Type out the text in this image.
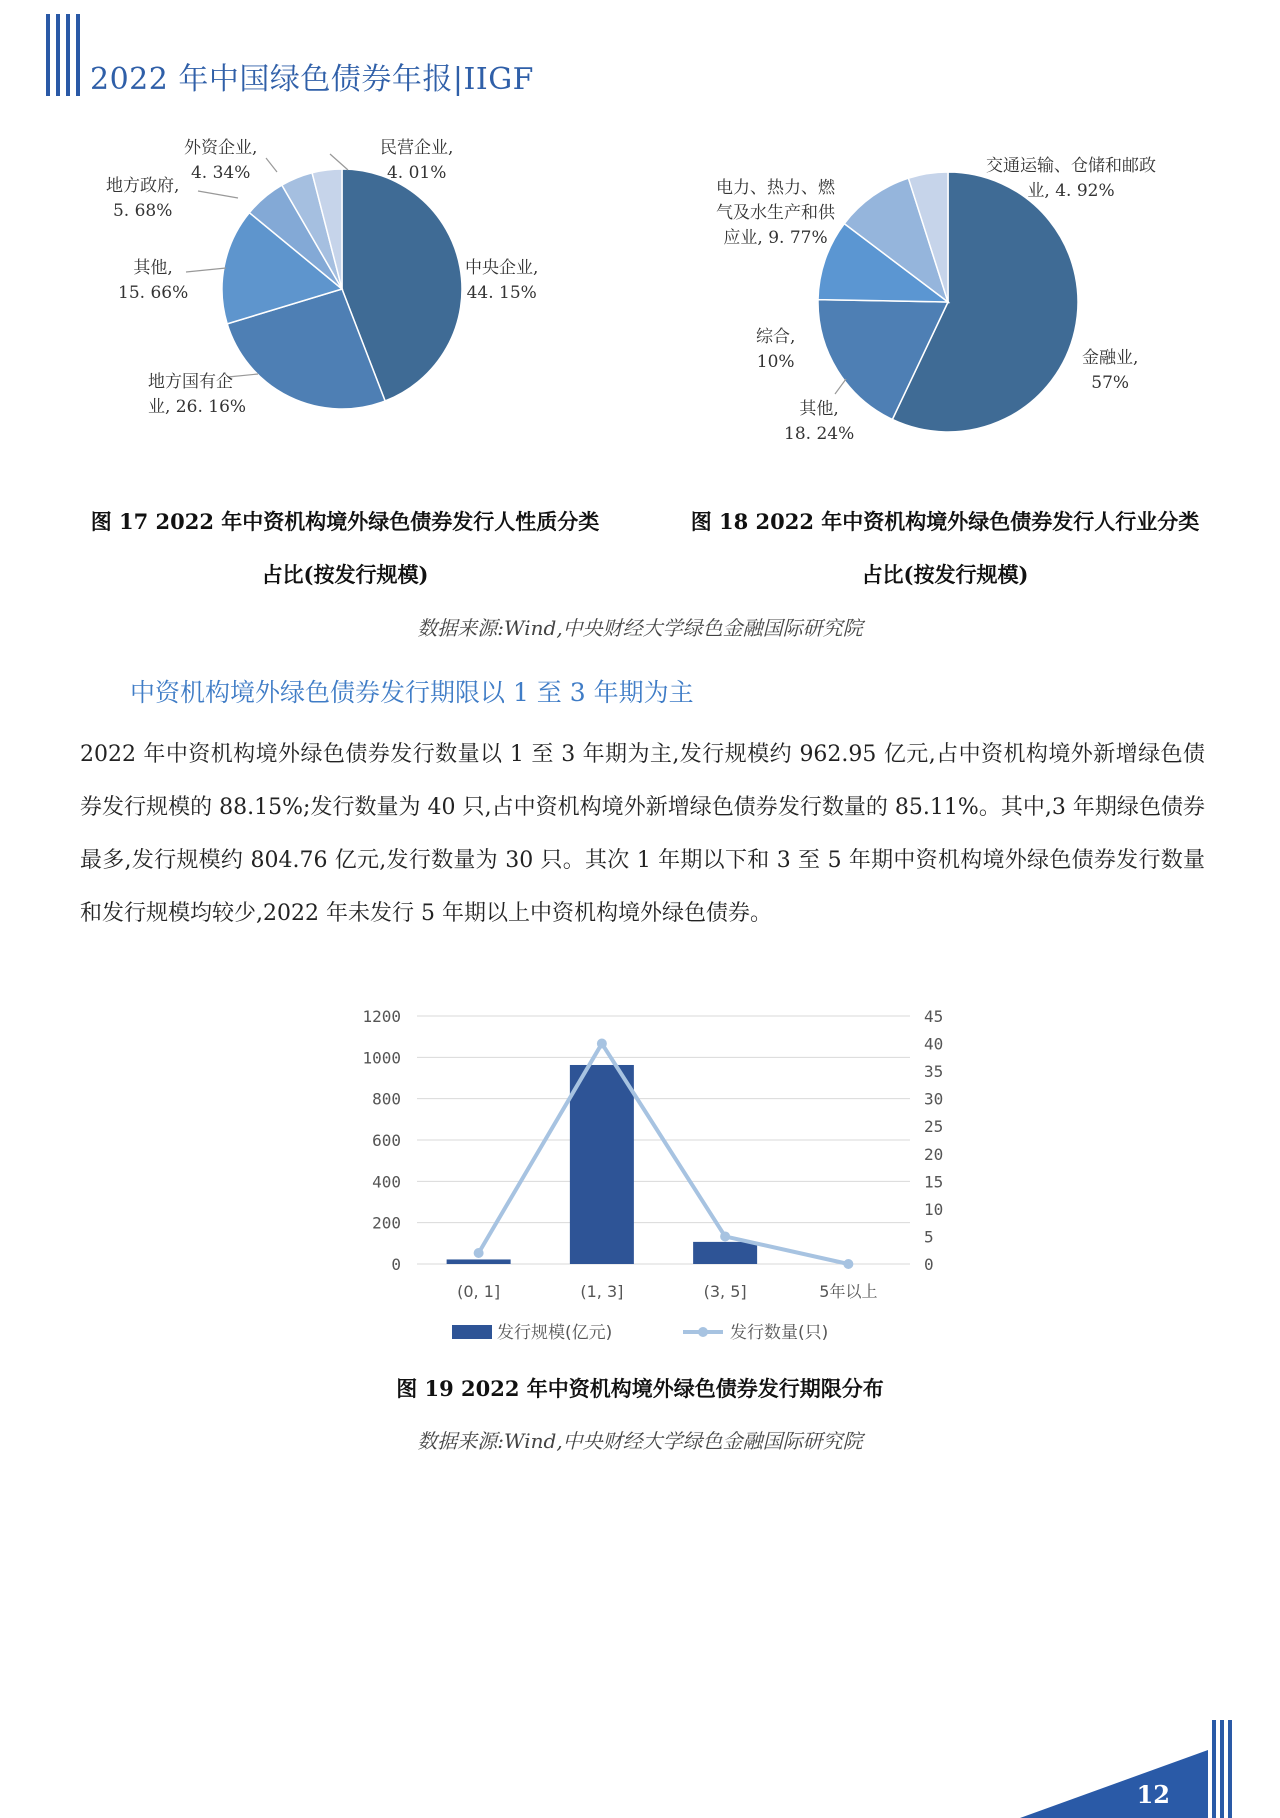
2022 年中国绿色债券年报|IIGF
中央企业,
44. 15%
地方国有企
业, 26. 16%
其他,
15. 66%
地方政府,
5. 68%
外资企业,
4. 34%
民营企业,
4. 01%
金融业,
57%
其他,
18. 24%
综合,
10%
电力、热力、燃
气及水生产和供
应业, 9. 77%
交通运输、仓储和邮政
业, 4. 92%
图 17 2022 年中资机构境外绿色债券发行人性质分类
占比(按发行规模)
图 18 2022 年中资机构境外绿色债券发行人行业分类
占比(按发行规模)
数据来源:Wind,中央财经大学绿色金融国际研究院
中资机构境外绿色债券发行期限以 1 至 3 年期为主

2022 年中资机构境外绿色债券发行数量以 1 至 3 年期为主,发行规模约 962.95 亿元,占中资机构境外新增绿色债券发行规模的 88.15%;发行数量为 40 只,占中资机构境外新增绿色债券发行数量的 85.11%。其中,3 年期绿色债券最多,发行规模约 804.76 亿元,发行数量为 30 只。其次 1 年期以下和 3 至 5 年期中资机构境外绿色债券发行数量和发行规模均较少,2022 年未发行 5 年期以上中资机构境外绿色债券。

0
200
400
600
800
1000
1200
0
5
10
15
20
25
30
35
40
45
(0, 1]	(1, 3]	(3, 5]	5年以上
发行规模(亿元)	发行数量(只)
图 19 2022 年中资机构境外绿色债券发行期限分布
数据来源:Wind,中央财经大学绿色金融国际研究院
12
